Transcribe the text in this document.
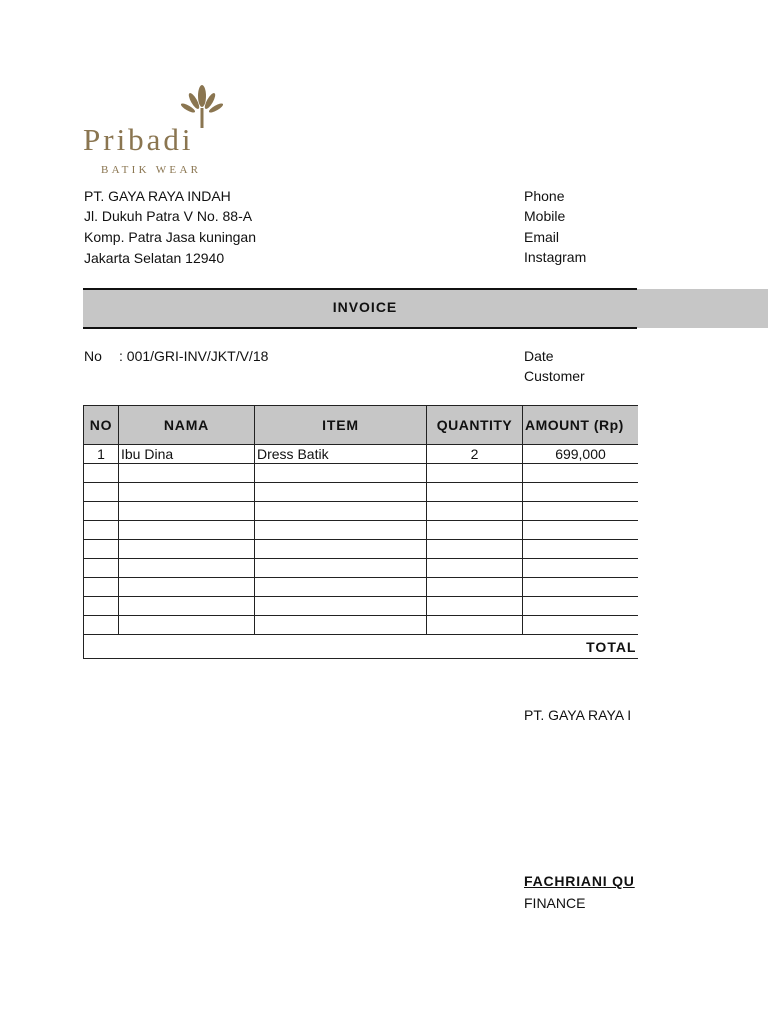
Pribadi
BATIK WEAR
PT. GAYA RAYA INDAH
Jl. Dukuh Patra V No. 88-A
Komp. Patra Jasa kuningan
Jakarta Selatan 12940
Phone
Mobile
Email
Instagram
INVOICE
No : 001/GRI-INV/JKT/V/18	Date
Customer
NO	NAMA	ITEM	QUANTITY	AMOUNT (Rp)
1	Ibu Dina	Dress Batik	2	699,000

TOTAL				
PT. GAYA RAYA I
FACHRIANI QU
FINANCE
